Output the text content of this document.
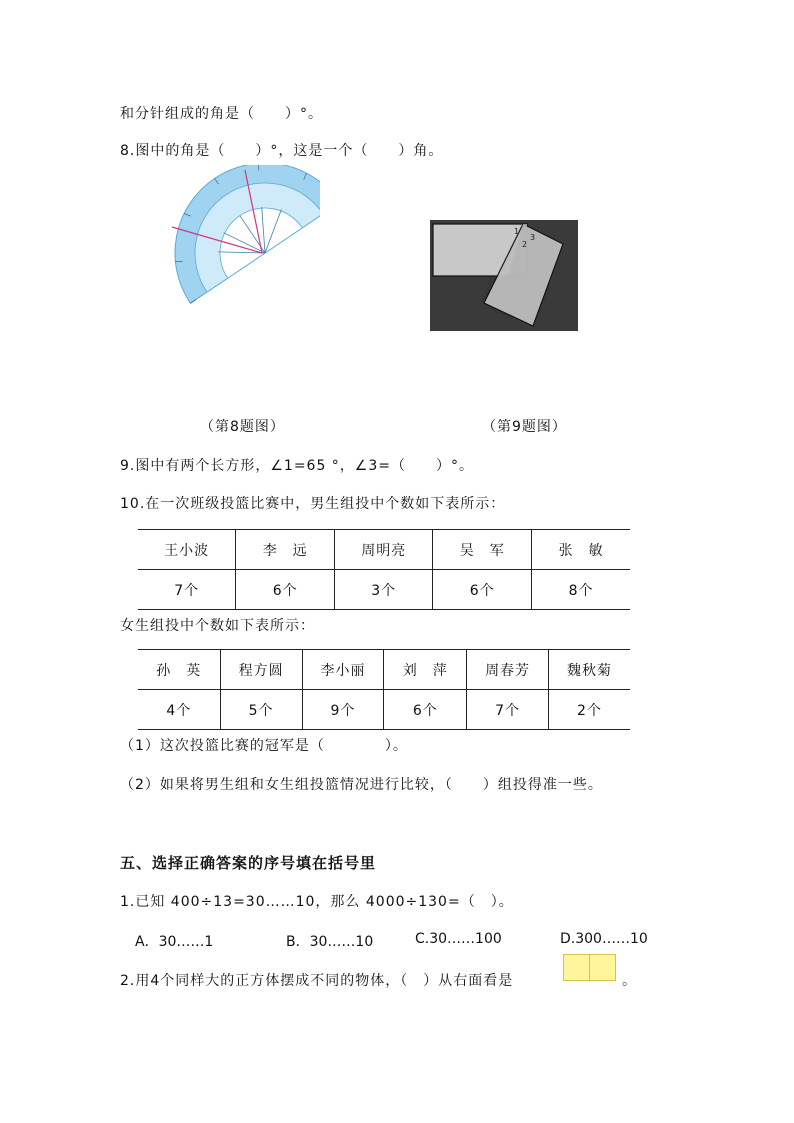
和分针组成的角是（　　）°。
8.图中的角是（　　）°，这是一个（　　）角。
1
2
3
（第8题图）	（第9题图）
9.图中有两个长方形，∠1=65 °，∠3=（　　）°。
10.在一次班级投篮比赛中，男生组投中个数如下表所示：
王小波	李　远	周明亮	吴　军	张　敏
7个	6个	3个	6个	8个
女生组投中个数如下表所示：
孙　英	程方圆	李小丽	刘　萍	周春芳	魏秋菊
4个	5个	9个	6个	7个	2个
（1）这次投篮比赛的冠军是（　　　　）。
（2）如果将男生组和女生组投篮情况进行比较，（　　）组投得准一些。
五、选择正确答案的序号填在括号里
1.已知 400÷13=30……10，那么 4000÷130=（　）。
A．30……1	B．30……10	C.30……100	D.300……10
2.用4个同样大的正方体摆成不同的物体，（　）从右面看是	。
